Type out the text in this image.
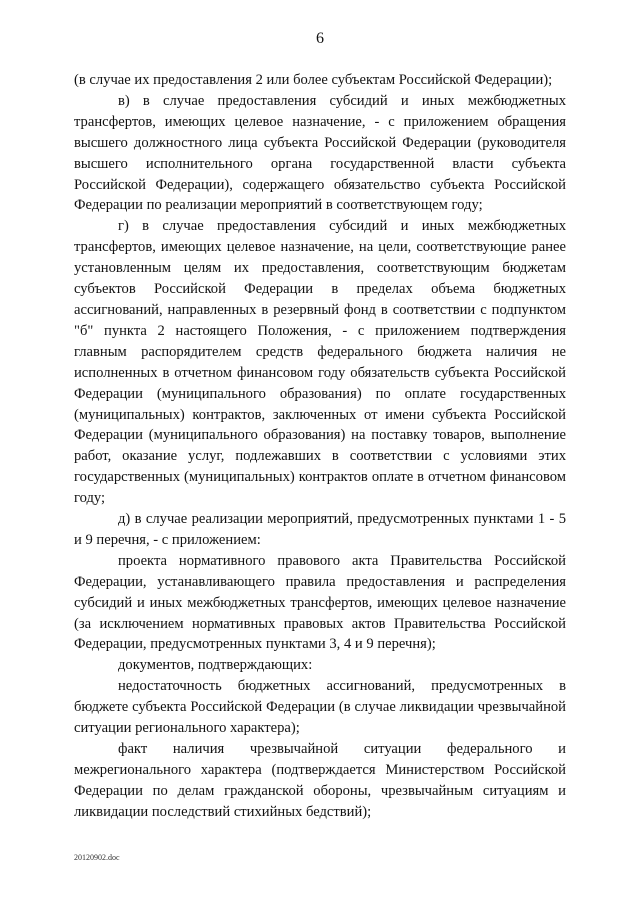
6

(в случае их предоставления 2 или более субъектам Российской Федерации);

в) в случае предоставления субсидий и иных межбюджетных трансфертов, имеющих целевое назначение, - с приложением обращения высшего должностного лица субъекта Российской Федерации (руководителя высшего исполнительного органа государственной власти субъекта Российской Федерации), содержащего обязательство субъекта Российской Федерации по реализации мероприятий в соответствующем году;

г) в случае предоставления субсидий и иных межбюджетных трансфертов, имеющих целевое назначение, на цели, соответствующие ранее установленным целям их предоставления, соответствующим бюджетам субъектов Российской Федерации в пределах объема бюджетных ассигнований, направленных в резервный фонд в соответствии с подпунктом "б" пункта 2 настоящего Положения, - с приложением подтверждения главным распорядителем средств федерального бюджета наличия не исполненных в отчетном финансовом году обязательств субъекта Российской Федерации (муниципального образования) по оплате государственных (муниципальных) контрактов, заключенных от имени субъекта Российской Федерации (муниципального образования) на поставку товаров, выполнение работ, оказание услуг, подлежавших в соответствии с условиями этих государственных (муниципальных) контрактов оплате в отчетном финансовом году;

д) в случае реализации мероприятий, предусмотренных пунктами 1 - 5 и 9 перечня, - с приложением:

проекта нормативного правового акта Правительства Российской Федерации, устанавливающего правила предоставления и распределения субсидий и иных межбюджетных трансфертов, имеющих целевое назначение (за исключением нормативных правовых актов Правительства Российской Федерации, предусмотренных пунктами 3, 4 и 9 перечня);

документов, подтверждающих:

недостаточность бюджетных ассигнований, предусмотренных в бюджете субъекта Российской Федерации (в случае ликвидации чрезвычайной ситуации регионального характера);

факт наличия чрезвычайной ситуации федерального и межрегионального характера (подтверждается Министерством Российской Федерации по делам гражданской обороны, чрезвычайным ситуациям и ликвидации последствий стихийных бедствий);

20120902.doc
